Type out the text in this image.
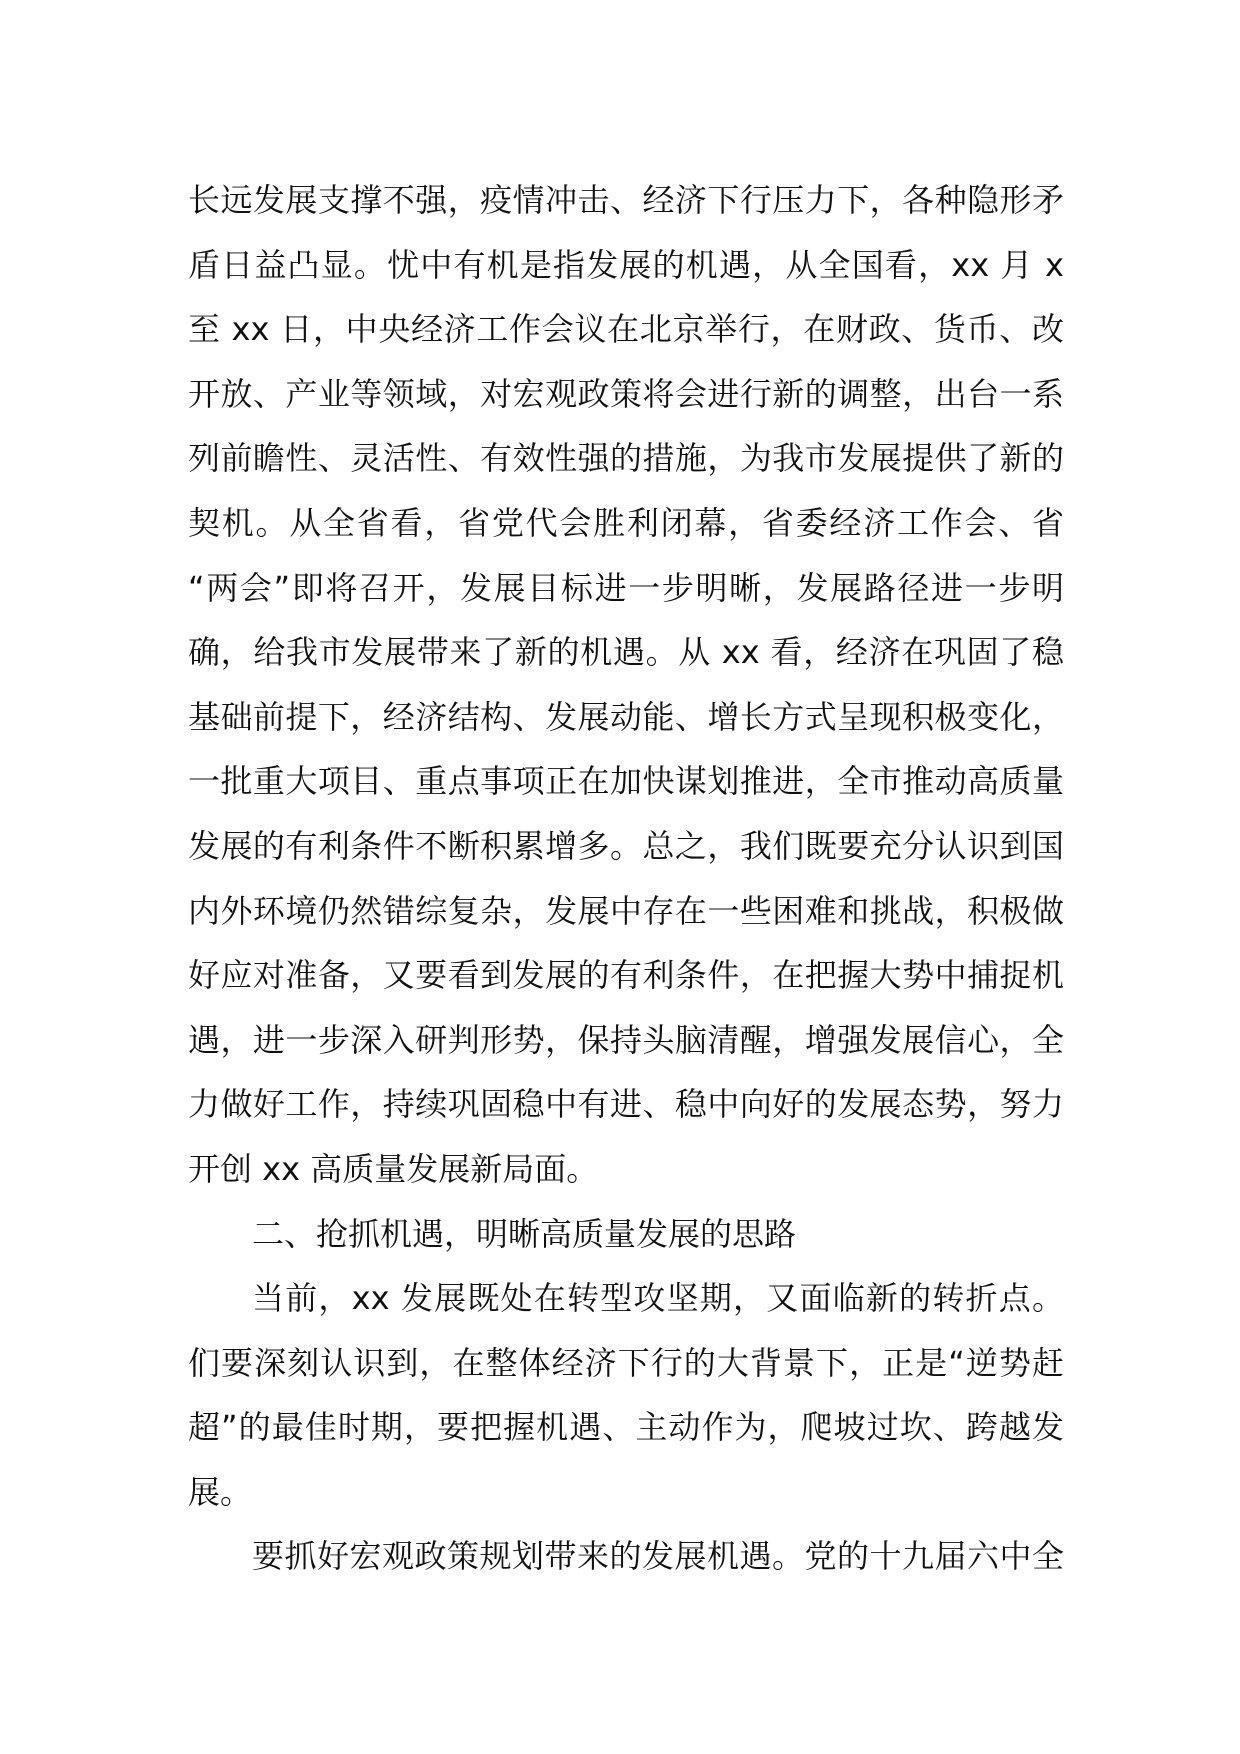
长远发展支撑不强，疫情冲击、经济下行压力下，各种隐形矛
盾日益凸显。忧中有机是指发展的机遇，从全国看，xx 月 x
至 xx 日，中央经济工作会议在北京举行，在财政、货币、改
开放、产业等领域，对宏观政策将会进行新的调整，出台一系
列前瞻性、灵活性、有效性强的措施，为我市发展提供了新的
契机。从全省看，省党代会胜利闭幕，省委经济工作会、省
“两会”即将召开，发展目标进一步明晰，发展路径进一步明
确，给我市发展带来了新的机遇。从 xx 看，经济在巩固了稳
基础前提下，经济结构、发展动能、增长方式呈现积极变化，
一批重大项目、重点事项正在加快谋划推进，全市推动高质量
发展的有利条件不断积累增多。总之，我们既要充分认识到国
内外环境仍然错综复杂，发展中存在一些困难和挑战，积极做
好应对准备，又要看到发展的有利条件，在把握大势中捕捉机
遇，进一步深入研判形势，保持头脑清醒，增强发展信心，全
力做好工作，持续巩固稳中有进、稳中向好的发展态势，努力
开创 xx 高质量发展新局面。
二、抢抓机遇，明晰高质量发展的思路
当前，xx 发展既处在转型攻坚期，又面临新的转折点。
们要深刻认识到，在整体经济下行的大背景下，正是“逆势赶
超”的最佳时期，要把握机遇、主动作为，爬坡过坎、跨越发
展。
要抓好宏观政策规划带来的发展机遇。党的十九届六中全
